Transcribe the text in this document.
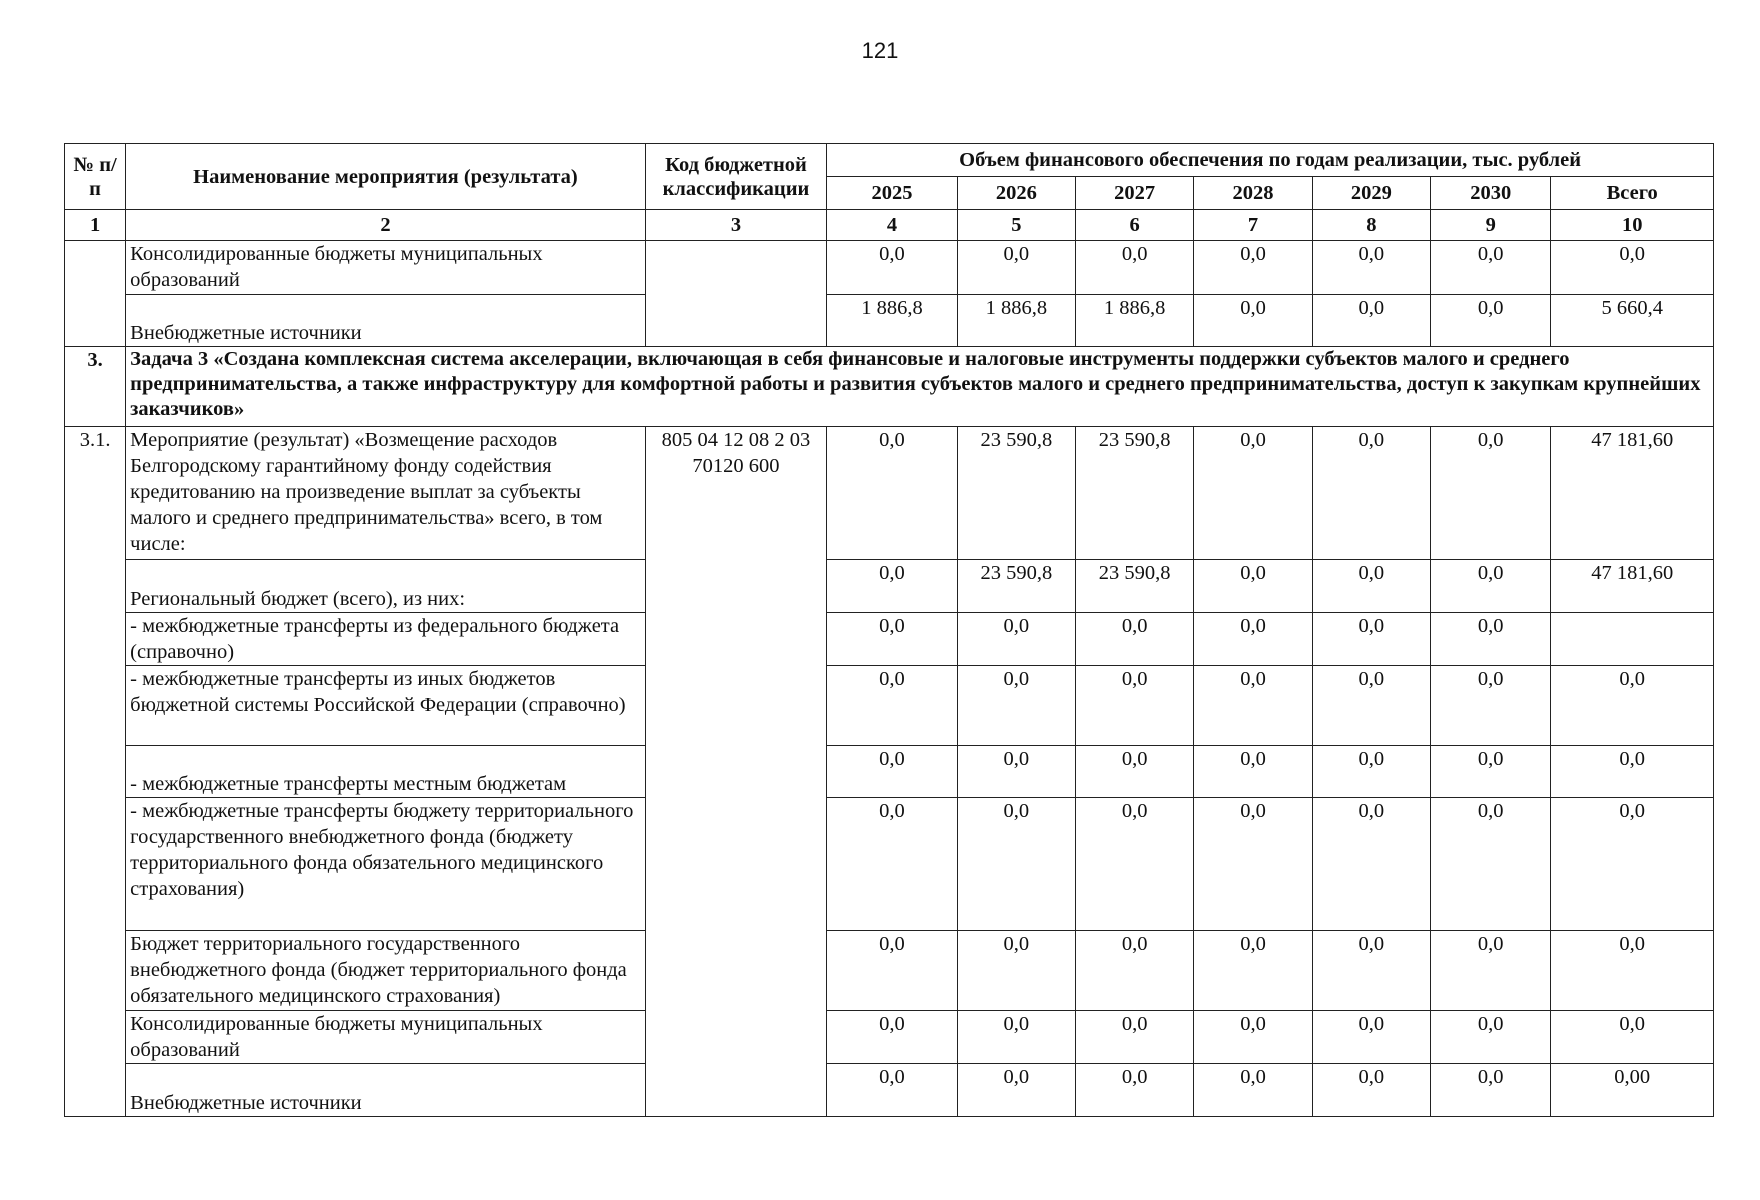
121
№ п/п	Наименование мероприятия (результата)	Код бюджетной классификации	Объем финансового обеспечения по годам реализации, тыс. рублей						
			2025	2026	2027	2028	2029	2030	Всего
1	2	3	4	5	6	7	8	9	10
	Консолидированные бюджеты муниципальных образований		0,0	0,0	0,0	0,0	0,0	0,0	0,0
	Внебюджетные источники		1 886,8	1 886,8	1 886,8	0,0	0,0	0,0	5 660,4
3.	Задача 3 «Создана комплексная система акселерации, включающая в себя финансовые и налоговые инструменты поддержки субъектов малого и среднего предпринимательства, а также инфраструктуру для комфортной работы и развития субъектов малого и среднего предпринимательства, доступ к закупкам крупнейших заказчиков»								
3.1.	Мероприятие (результат) «Возмещение расходов Белгородскому гарантийному фонду содействия кредитованию на произведение выплат за субъекты малого и среднего предпринимательства» всего, в том числе:	805 04 12 08 2 03 70120 600	0,0	23 590,8	23 590,8	0,0	0,0	0,0	47 181,60
	Региональный бюджет (всего), из них:		0,0	23 590,8	23 590,8	0,0	0,0	0,0	47 181,60
	- межбюджетные трансферты из федерального бюджета (справочно)		0,0	0,0	0,0	0,0	0,0	0,0	
	- межбюджетные трансферты из иных бюджетов бюджетной системы Российской Федерации (справочно)		0,0	0,0	0,0	0,0	0,0	0,0	0,0
	- межбюджетные трансферты местным бюджетам		0,0	0,0	0,0	0,0	0,0	0,0	0,0
	- межбюджетные трансферты бюджету территориального государственного внебюджетного фонда (бюджету территориального фонда обязательного медицинского страхования)		0,0	0,0	0,0	0,0	0,0	0,0	0,0
	Бюджет территориального государственного внебюджетного фонда (бюджет территориального фонда обязательного медицинского страхования)		0,0	0,0	0,0	0,0	0,0	0,0	0,0
	Консолидированные бюджеты муниципальных образований		0,0	0,0	0,0	0,0	0,0	0,0	0,0
	Внебюджетные источники		0,0	0,0	0,0	0,0	0,0	0,0	0,00
